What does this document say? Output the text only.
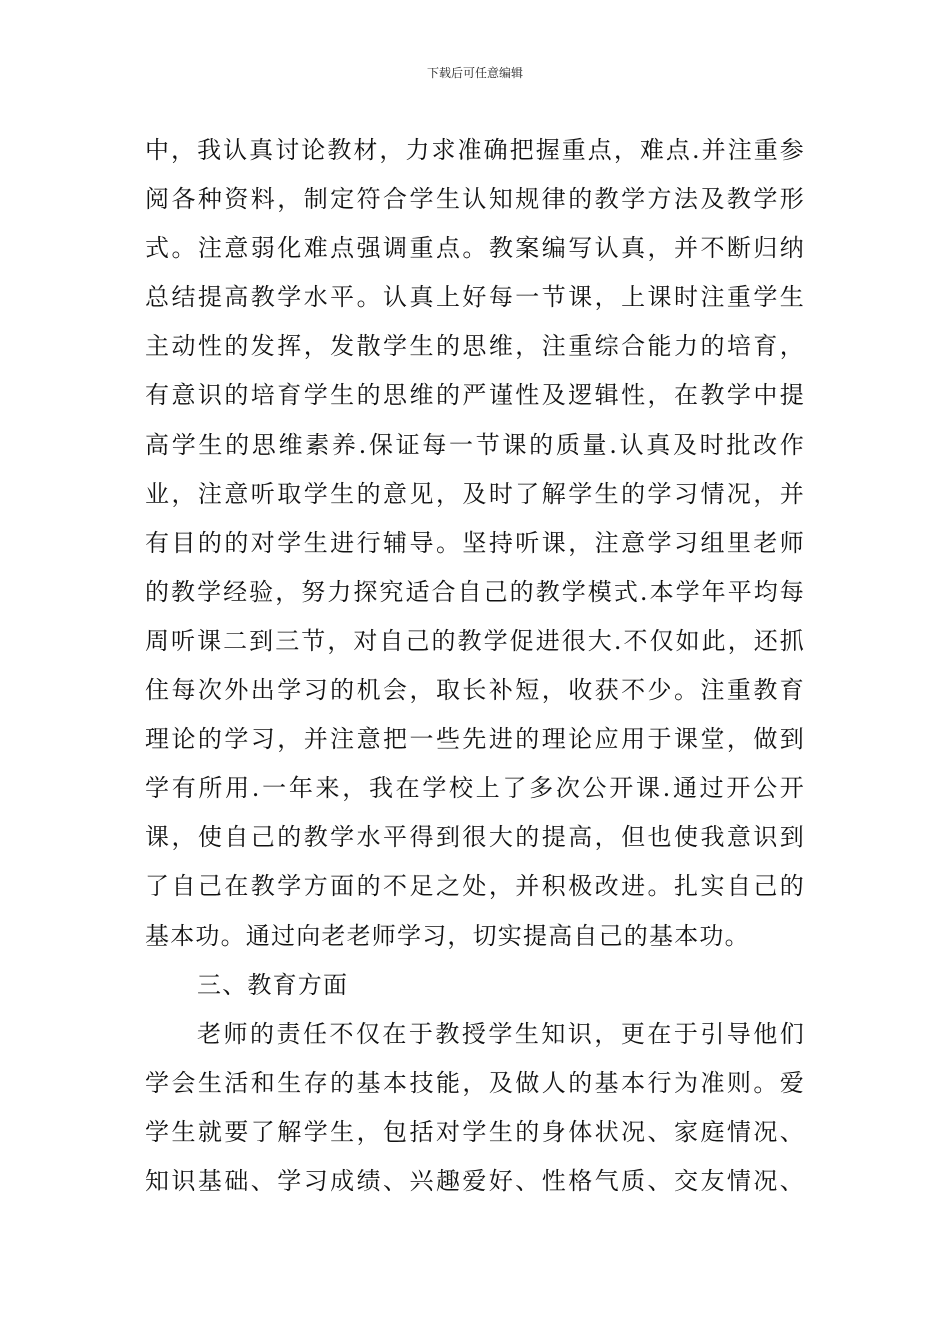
下载后可任意编辑
中，我认真讨论教材，力求准确把握重点，难点.并注重参
阅各种资料，制定符合学生认知规律的教学方法及教学形
式。注意弱化难点强调重点。教案编写认真，并不断归纳
总结提高教学水平。认真上好每一节课，上课时注重学生
主动性的发挥，发散学生的思维，注重综合能力的培育，
有意识的培育学生的思维的严谨性及逻辑性，在教学中提
高学生的思维素养.保证每一节课的质量.认真及时批改作
业，注意听取学生的意见，及时了解学生的学习情况，并
有目的的对学生进行辅导。坚持听课，注意学习组里老师
的教学经验，努力探究适合自己的教学模式.本学年平均每
周听课二到三节，对自己的教学促进很大.不仅如此，还抓
住每次外出学习的机会，取长补短，收获不少。注重教育
理论的学习，并注意把一些先进的理论应用于课堂，做到
学有所用.一年来，我在学校上了多次公开课.通过开公开
课，使自己的教学水平得到很大的提高，但也使我意识到
了自己在教学方面的不足之处，并积极改进。扎实自己的
基本功。通过向老老师学习，切实提高自己的基本功。
三、教育方面
老师的责任不仅在于教授学生知识，更在于引导他们
学会生活和生存的基本技能，及做人的基本行为准则。爱
学生就要了解学生，包括对学生的身体状况、家庭情况、
知识基础、学习成绩、兴趣爱好、性格气质、交友情况、
